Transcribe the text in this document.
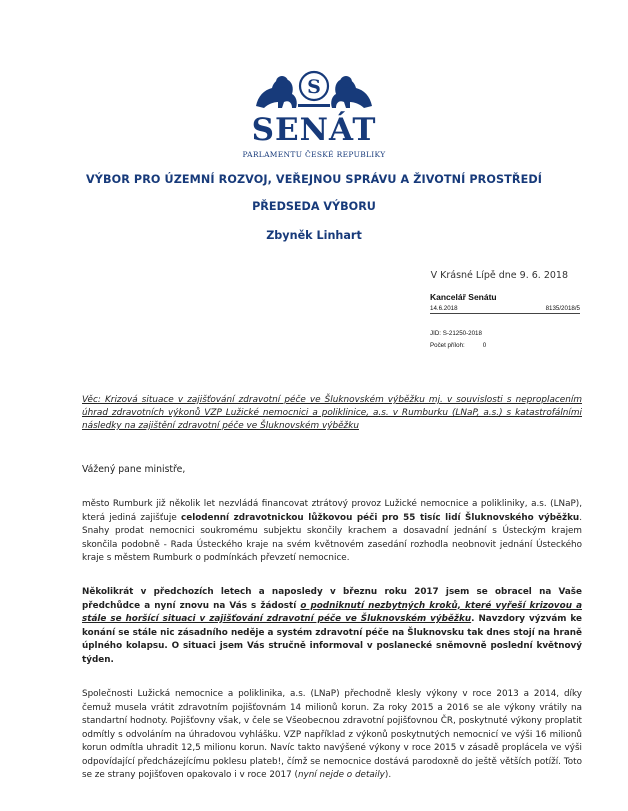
S
SENÁT
PARLAMENTU ČESKÉ REPUBLIKY
VÝBOR PRO ÚZEMNÍ ROZVOJ, VEŘEJNOU SPRÁVU A ŽIVOTNÍ PROSTŘEDÍ
PŘEDSEDA VÝBORU
Zbyněk Linhart
V Krásné Lípě dne 9. 6. 2018
Kancelář Senátu
14.6.2018	8135/2018/5
JID: S-21250-2018
Počet příloh:	0
Věc: Krizová situace v zajišťování zdravotní péče ve Šluknovském výběžku mj. v souvislosti s neproplacením úhrad zdravotních výkonů VZP Lužické nemocnici a poliklinice, a.s. v Rumburku (LNaP, a.s.) s katastrofálními následky na zajištění zdravotní péče ve Šluknovském výběžku
Vážený pane ministře,
město Rumburk již několik let nezvládá financovat ztrátový provoz Lužické nemocnice a polikliniky, a.s. (LNaP), která jediná zajišťuje celodenní zdravotnickou lůžkovou péči pro 55 tisíc lidí Šluknovského výběžku. Snahy prodat nemocnici soukromému subjektu skončily krachem a dosavadní jednání s Ústeckým krajem skončila podobně - Rada Ústeckého kraje na svém květnovém zasedání rozhodla neobnovit jednání Ústeckého kraje s městem Rumburk o podmínkách převzetí nemocnice.
Několikrát v předchozích letech a naposledy v březnu roku 2017 jsem se obracel na Vaše předchůdce a nyní znovu na Vás s žádostí o podniknutí nezbytných kroků, které vyřeší krizovou a stále se horšící situaci v zajišťování zdravotní péče ve Šluknovském výběžku. Navzdory výzvám ke konání se stále nic zásadního neděje a systém zdravotní péče na Šluknovsku tak dnes stojí na hraně úplného kolapsu. O situaci jsem Vás stručně informoval v poslanecké sněmovně poslední květnový týden.
Společnosti Lužická nemocnice a poliklinika, a.s. (LNaP) přechodně klesly výkony v roce 2013 a 2014, díky čemuž musela vrátit zdravotním pojišťovnám 14 milionů korun. Za roky 2015 a 2016 se ale výkony vrátily na standartní hodnoty. Pojišťovny však, v čele se Všeobecnou zdravotní pojišťovnou ČR, poskytnuté výkony proplatit odmítly s odvoláním na úhradovou vyhlášku. VZP například z výkonů poskytnutých nemocnicí ve výši 16 milionů korun odmítla uhradit 12,5 milionu korun. Navíc takto navýšené výkony v roce 2015 v zásadě proplácela ve výši odpovídající předcházejícímu poklesu plateb!, čímž se nemocnice dostává parodoxně do ještě větších potíží. Toto se ze strany pojišťoven opakovalo i v roce 2017 (nyní nejde o detaily).
